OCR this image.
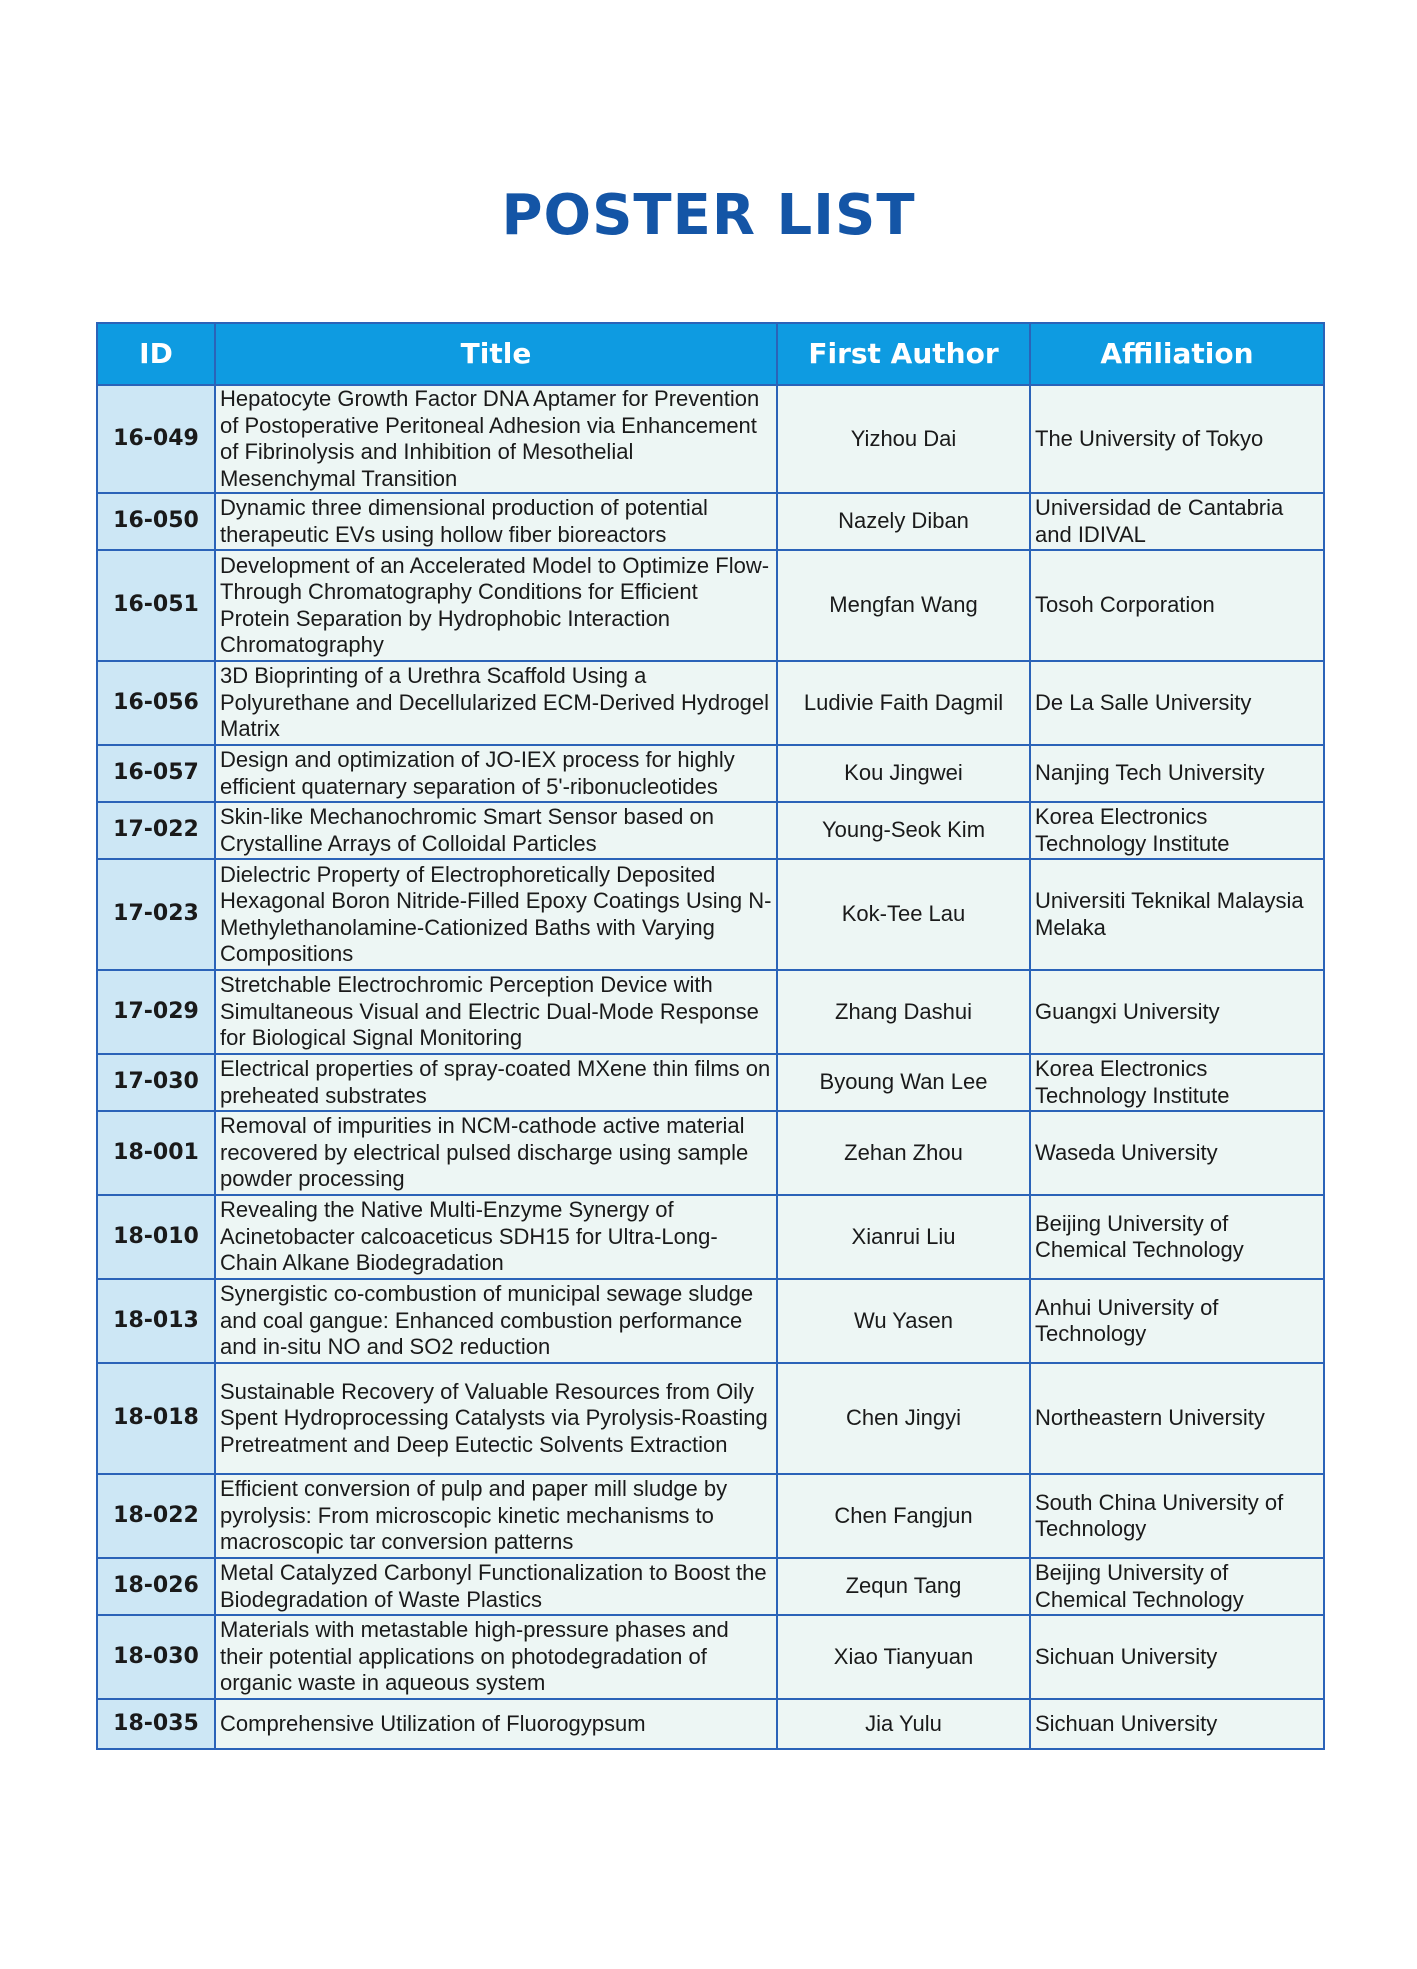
POSTER LIST
ID	Title	First Author	Affiliation
16-049	Hepatocyte Growth Factor DNA Aptamer for Prevention of Postoperative Peritoneal Adhesion via Enhancement of Fibrinolysis and Inhibition of Mesothelial Mesenchymal Transition	Yizhou Dai	The University of Tokyo
16-050	Dynamic three dimensional production of potential therapeutic EVs using hollow fiber bioreactors	Nazely Diban	Universidad de Cantabria and IDIVAL
16-051	Development of an Accelerated Model to Optimize Flow-Through Chromatography Conditions for Efficient Protein Separation by Hydrophobic Interaction Chromatography	Mengfan Wang	Tosoh Corporation
16-056	3D Bioprinting of a Urethra Scaffold Using a Polyurethane and Decellularized ECM-Derived Hydrogel Matrix	Ludivie Faith Dagmil	De La Salle University
16-057	Design and optimization of JO-IEX process for highly efficient quaternary separation of 5'-ribonucleotides	Kou Jingwei	Nanjing Tech University
17-022	Skin-like Mechanochromic Smart Sensor based on Crystalline Arrays of Colloidal Particles	Young-Seok Kim	Korea Electronics Technology Institute
17-023	Dielectric Property of Electrophoretically Deposited Hexagonal Boron Nitride-Filled Epoxy Coatings Using N-Methylethanolamine-Cationized Baths with Varying Compositions	Kok-Tee Lau	Universiti Teknikal Malaysia Melaka
17-029	Stretchable Electrochromic Perception Device with Simultaneous Visual and Electric Dual-Mode Response for Biological Signal Monitoring	Zhang Dashui	Guangxi University
17-030	Electrical properties of spray-coated MXene thin films on preheated substrates	Byoung Wan Lee	Korea Electronics Technology Institute
18-001	Removal of impurities in NCM-cathode active material recovered by electrical pulsed discharge using sample powder processing	Zehan Zhou	Waseda University
18-010	Revealing the Native Multi-Enzyme Synergy of Acinetobacter calcoaceticus SDH15 for Ultra-Long-Chain Alkane Biodegradation	Xianrui Liu	Beijing University of Chemical Technology
18-013	Synergistic co-combustion of municipal sewage sludge and coal gangue: Enhanced combustion performance and in-situ NO and SO2 reduction	Wu Yasen	Anhui University of Technology
18-018	Sustainable Recovery of Valuable Resources from Oily Spent Hydroprocessing Catalysts via Pyrolysis-Roasting Pretreatment and Deep Eutectic Solvents Extraction	Chen Jingyi	Northeastern University
18-022	Efficient conversion of pulp and paper mill sludge by pyrolysis: From microscopic kinetic mechanisms to macroscopic tar conversion patterns	Chen Fangjun	South China University of Technology
18-026	Metal Catalyzed Carbonyl Functionalization to Boost the Biodegradation of Waste Plastics	Zequn Tang	Beijing University of Chemical Technology
18-030	Materials with metastable high-pressure phases and their potential applications on photodegradation of organic waste in aqueous system	Xiao Tianyuan	Sichuan University
18-035	Comprehensive Utilization of Fluorogypsum	Jia Yulu	Sichuan University
